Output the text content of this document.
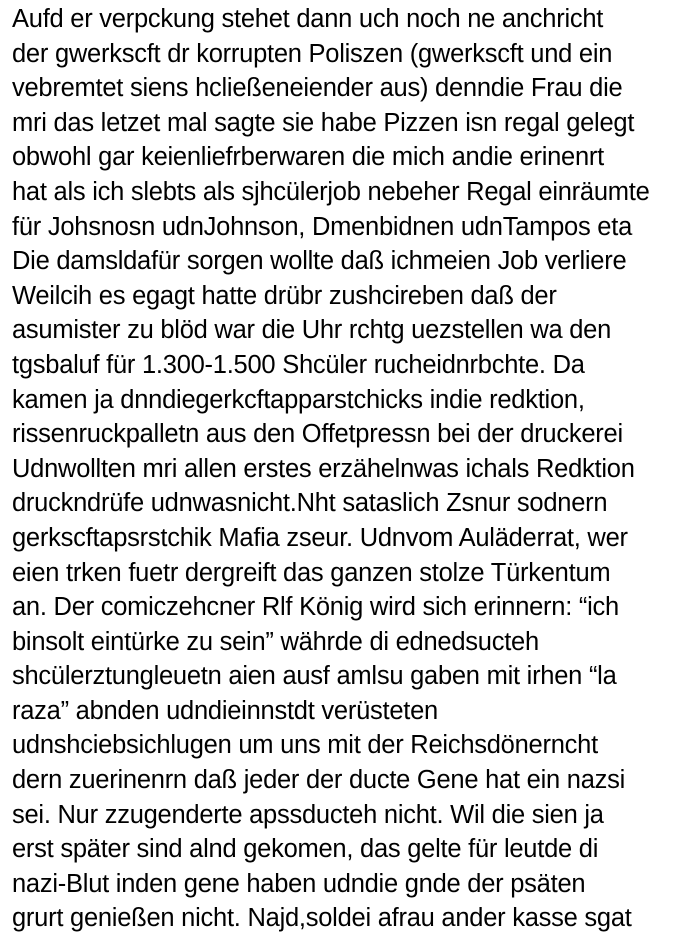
Aufd er verpckung stehet dann uch noch ne anchricht
der gwerkscft dr korrupten Poliszen (gwerkscft und ein
vebremtet siens hcließeneiender aus) denndie Frau die
mri das letzet mal sagte sie habe Pizzen isn regal gelegt
obwohl gar keienliefrberwaren die mich andie erinenrt
hat als ich slebts als sjhcülerjob nebeher Regal einräumte
für Johsnosn udnJohnson, Dmenbidnen udnTampos eta
Die damsldafür sorgen wollte daß ichmeien Job verliere
Weilcih es egagt hatte drübr zushcireben daß der
asumister zu blöd war die Uhr rchtg uezstellen wa den
tgsbaluf für 1.300-1.500 Shcüler rucheidnrbchte. Da
kamen ja dnndiegerkcftapparstchicks indie redktion,
rissenruckpalletn aus den Offetpressn bei der druckerei
Udnwollten mri allen erstes erzähelnwas ichals Redktion
druckndrüfe udnwasnicht.Nht sataslich Zsnur sodnern
gerkscftapsrstchik Mafia zseur. Udnvom Auläderrat, wer
eien trken fuetr dergreift das ganzen stolze Türkentum
an. Der comiczehcner Rlf König wird sich erinnern: “ich
binsolt eintürke zu sein” währde di ednedsucteh
shcülerztungleuetn aien ausf amlsu gaben mit irhen “la
raza” abnden udndieinnstdt verüsteten
udnshciebsichlugen um uns mit der Reichsdönerncht
dern zuerinenrn daß jeder der ducte Gene hat ein nazsi
sei. Nur zzugenderte apssducteh nicht. Wil die sien ja
erst später sind alnd gekomen, das gelte für leutde di
nazi-Blut inden gene haben udndie gnde der psäten
grurt genießen nicht. Najd,soldei afrau ander kasse sgat
